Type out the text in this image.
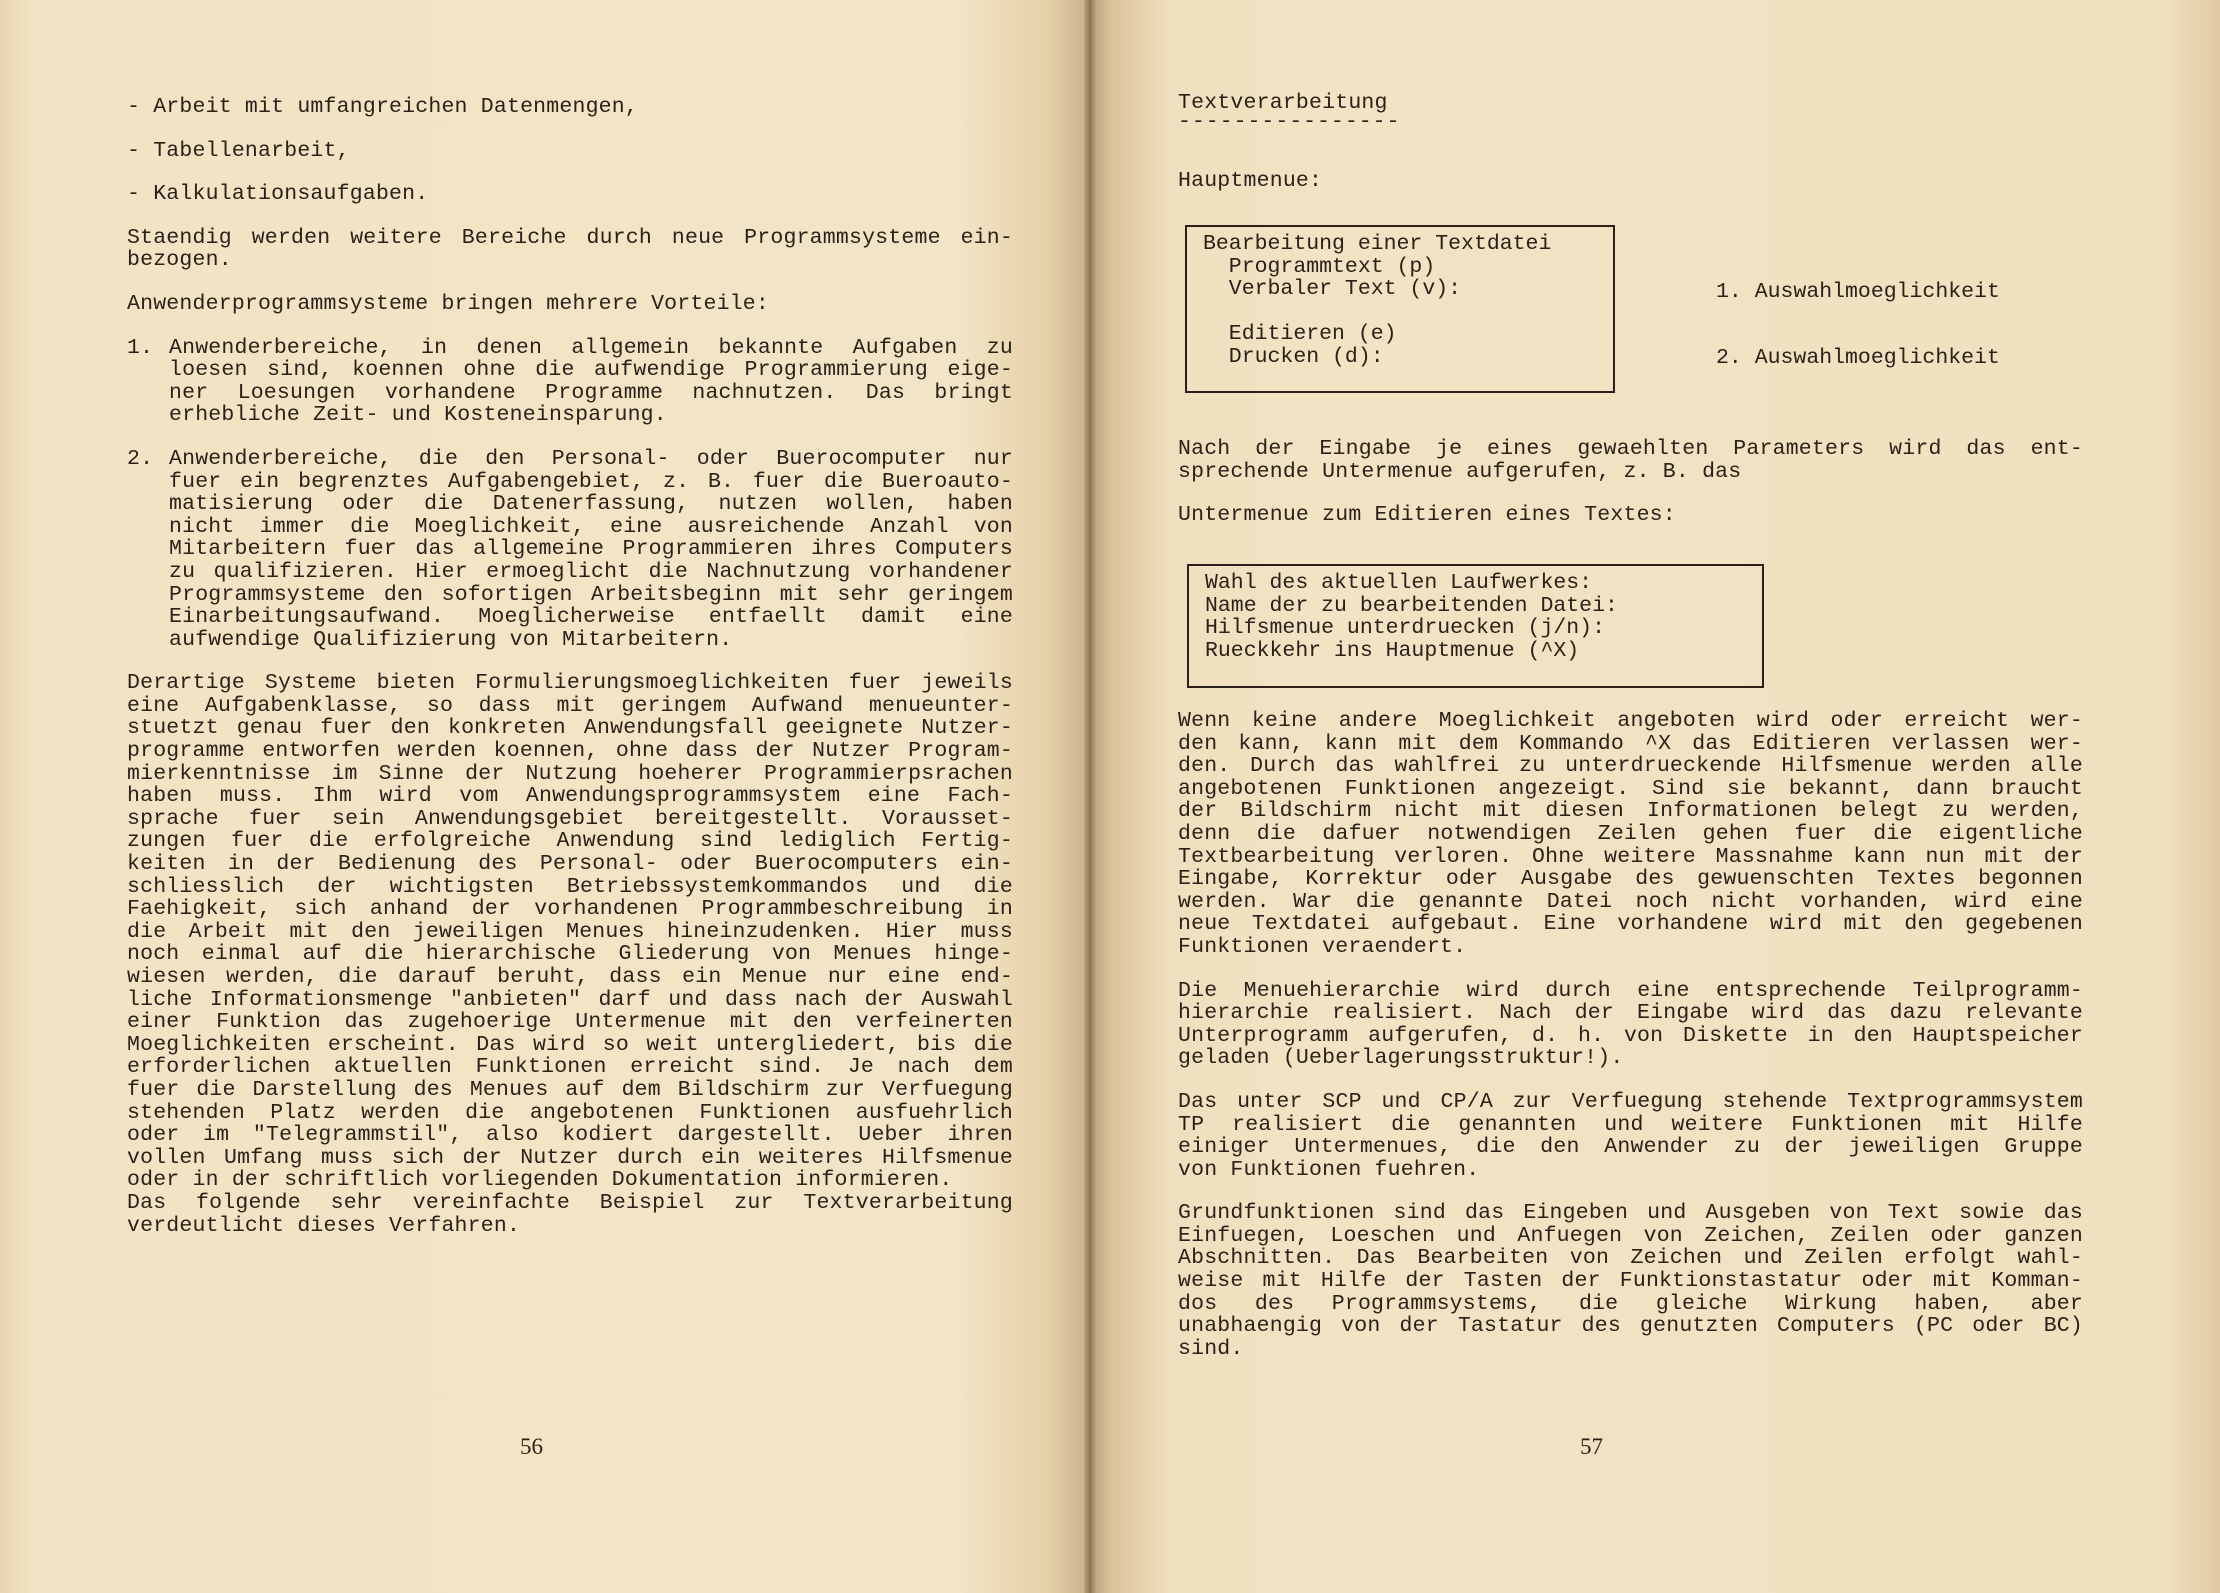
- Arbeit mit umfangreichen Datenmengen,

- Tabellenarbeit,

- Kalkulationsaufgaben.

Staendig werden weitere Bereiche durch neue Programmsysteme ein-
bezogen.

Anwenderprogrammsysteme bringen mehrere Vorteile:

1. Anwenderbereiche, in denen allgemein bekannte Aufgaben zu
loesen sind, koennen ohne die aufwendige Programmierung eige-
ner Loesungen vorhandene Programme nachnutzen. Das bringt
erhebliche Zeit- und Kosteneinsparung.
2. Anwenderbereiche, die den Personal- oder Buerocomputer nur
fuer ein begrenztes Aufgabengebiet, z. B. fuer die Bueroauto-
matisierung oder die Datenerfassung, nutzen wollen, haben
nicht immer die Moeglichkeit, eine ausreichende Anzahl von
Mitarbeitern fuer das allgemeine Programmieren ihres Computers
zu qualifizieren. Hier ermoeglicht die Nachnutzung vorhandener
Programmsysteme den sofortigen Arbeitsbeginn mit sehr geringem
Einarbeitungsaufwand. Moeglicherweise entfaellt damit eine
aufwendige Qualifizierung von Mitarbeitern.

Derartige Systeme bieten Formulierungsmoeglichkeiten fuer jeweils
eine Aufgabenklasse, so dass mit geringem Aufwand menueunter-
stuetzt genau fuer den konkreten Anwendungsfall geeignete Nutzer-
programme entworfen werden koennen, ohne dass der Nutzer Program-
mierkenntnisse im Sinne der Nutzung hoeherer Programmierpsrachen
haben muss. Ihm wird vom Anwendungsprogrammsystem eine Fach-
sprache fuer sein Anwendungsgebiet bereitgestellt. Vorausset-
zungen fuer die erfolgreiche Anwendung sind lediglich Fertig-
keiten in der Bedienung des Personal- oder Buerocomputers ein-
schliesslich der wichtigsten Betriebssystemkommandos und die
Faehigkeit, sich anhand der vorhandenen Programmbeschreibung in
die Arbeit mit den jeweiligen Menues hineinzudenken. Hier muss
noch einmal auf die hierarchische Gliederung von Menues hinge-
wiesen werden, die darauf beruht, dass ein Menue nur eine end-
liche Informationsmenge "anbieten" darf und dass nach der Auswahl
einer Funktion das zugehoerige Untermenue mit den verfeinerten
Moeglichkeiten erscheint. Das wird so weit untergliedert, bis die
erforderlichen aktuellen Funktionen erreicht sind. Je nach dem
fuer die Darstellung des Menues auf dem Bildschirm zur Verfuegung
stehenden Platz werden die angebotenen Funktionen ausfuehrlich
oder im "Telegrammstil", also kodiert dargestellt. Ueber ihren
vollen Umfang muss sich der Nutzer durch ein weiteres Hilfsmenue
oder in der schriftlich vorliegenden Dokumentation informieren.
Das folgende sehr vereinfachte Beispiel zur Textverarbeitung
verdeutlicht dieses Verfahren.

56
Textverarbeitung
----------------

Hauptmenue:

Bearbeitung einer Textdatei
Programmtext (p)
Verbaler Text (v):

Editieren (e)
Drucken (d):
1. Auswahlmoeglichkeit
2. Auswahlmoeglichkeit

Nach der Eingabe je eines gewaehlten Parameters wird das ent-
sprechende Untermenue aufgerufen, z. B. das

Untermenue zum Editieren eines Textes:

Wahl des aktuellen Laufwerkes:
Name der zu bearbeitenden Datei:
Hilfsmenue unterdruecken (j/n):
Rueckkehr ins Hauptmenue (^X)

Wenn keine andere Moeglichkeit angeboten wird oder erreicht wer-
den kann, kann mit dem Kommando ^X das Editieren verlassen wer-
den. Durch das wahlfrei zu unterdrueckende Hilfsmenue werden alle
angebotenen Funktionen angezeigt. Sind sie bekannt, dann braucht
der Bildschirm nicht mit diesen Informationen belegt zu werden,
denn die dafuer notwendigen Zeilen gehen fuer die eigentliche
Textbearbeitung verloren. Ohne weitere Massnahme kann nun mit der
Eingabe, Korrektur oder Ausgabe des gewuenschten Textes begonnen
werden. War die genannte Datei noch nicht vorhanden, wird eine
neue Textdatei aufgebaut. Eine vorhandene wird mit den gegebenen
Funktionen veraendert.

Die Menuehierarchie wird durch eine entsprechende Teilprogramm-
hierarchie realisiert. Nach der Eingabe wird das dazu relevante
Unterprogramm aufgerufen, d. h. von Diskette in den Hauptspeicher
geladen (Ueberlagerungsstruktur!).

Das unter SCP und CP/A zur Verfuegung stehende Textprogrammsystem
TP realisiert die genannten und weitere Funktionen mit Hilfe
einiger Untermenues, die den Anwender zu der jeweiligen Gruppe
von Funktionen fuehren.

Grundfunktionen sind das Eingeben und Ausgeben von Text sowie das
Einfuegen, Loeschen und Anfuegen von Zeichen, Zeilen oder ganzen
Abschnitten. Das Bearbeiten von Zeichen und Zeilen erfolgt wahl-
weise mit Hilfe der Tasten der Funktionstastatur oder mit Komman-
dos des Programmsystems, die gleiche Wirkung haben, aber
unabhaengig von der Tastatur des genutzten Computers (PC oder BC)
sind.

57
